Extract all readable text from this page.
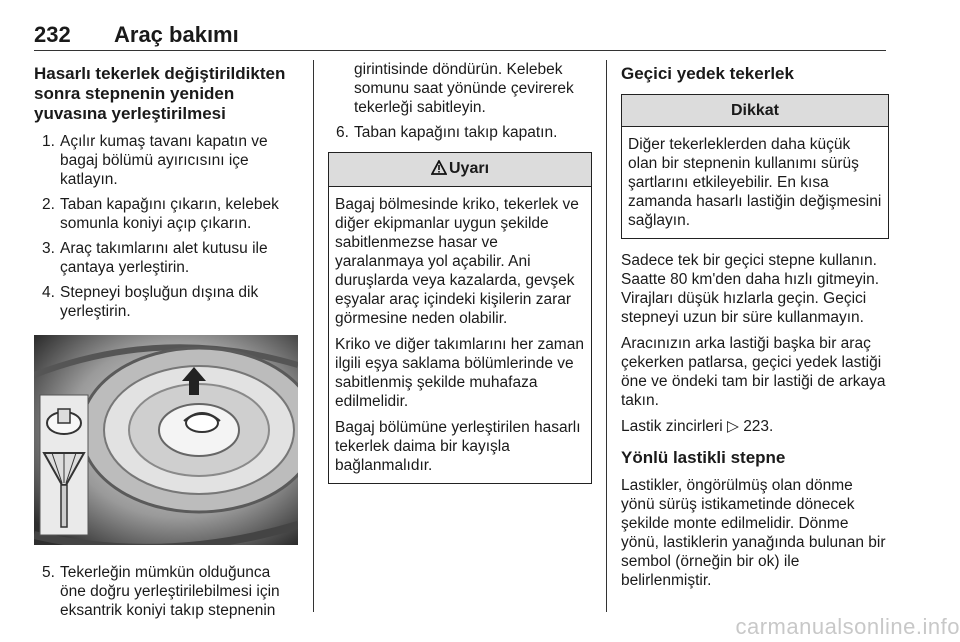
232 Araç bakımı
Hasarlı tekerlek değiştirildikten sonra stepnenin yeniden yuvasına yerleştirilmesi
1. Açılır kumaş tavanı kapatın ve bagaj bölümü ayırıcısını içe katlayın.
2. Taban kapağını çıkarın, kelebek somunla koniyi açıp çıkarın.
3. Araç takımlarını alet kutusu ile çantaya yerleştirin.
4. Stepneyi boşluğun dışına dik yerleştirin.
5. Tekerleğin mümkün olduğunca öne doğru yerleştirilebilmesi için eksantrik koniyi takıp stepnenin
girintisinde döndürün. Kelebek somunu saat yönünde çevirerek tekerleği sabitleyin.
6. Taban kapağını takıp kapatın.
Uyarı

Bagaj bölmesinde kriko, tekerlek ve diğer ekipmanlar uygun şekilde sabitlenmezse hasar ve yaralanmaya yol açabilir. Ani duruşlarda veya kazalarda, gevşek eşyalar araç içindeki kişilerin zarar görmesine neden olabilir.

Kriko ve diğer takımlarını her zaman ilgili eşya saklama bölümlerinde ve sabitlenmiş şekilde muhafaza edilmelidir.

Bagaj bölümüne yerleştirilen hasarlı tekerlek daima bir kayışla bağlanmalıdır.

Geçici yedek tekerlek
Dikkat

Diğer tekerleklerden daha küçük olan bir stepnenin kullanımı sürüş şartlarını etkileyebilir. En kısa zamanda hasarlı lastiğin değişmesini sağlayın.

Sadece tek bir geçici stepne kullanın. Saatte 80 km'den daha hızlı gitmeyin. Virajları düşük hızlarla geçin. Geçici stepneyi uzun bir süre kullanmayın.

Aracınızın arka lastiği başka bir araç çekerken patlarsa, geçici yedek lastiği öne ve öndeki tam bir lastiği de arkaya takın.

Lastik zincirleri ▷ 223.

Yönlü lastikli stepne

Lastikler, öngörülmüş olan dönme yönü sürüş istikametinde dönecek şekilde monte edilmelidir. Dönme yönü, lastiklerin yanağında bulunan bir sembol (örneğin bir ok) ile belirlenmiştir.

carmanualsonline.info
